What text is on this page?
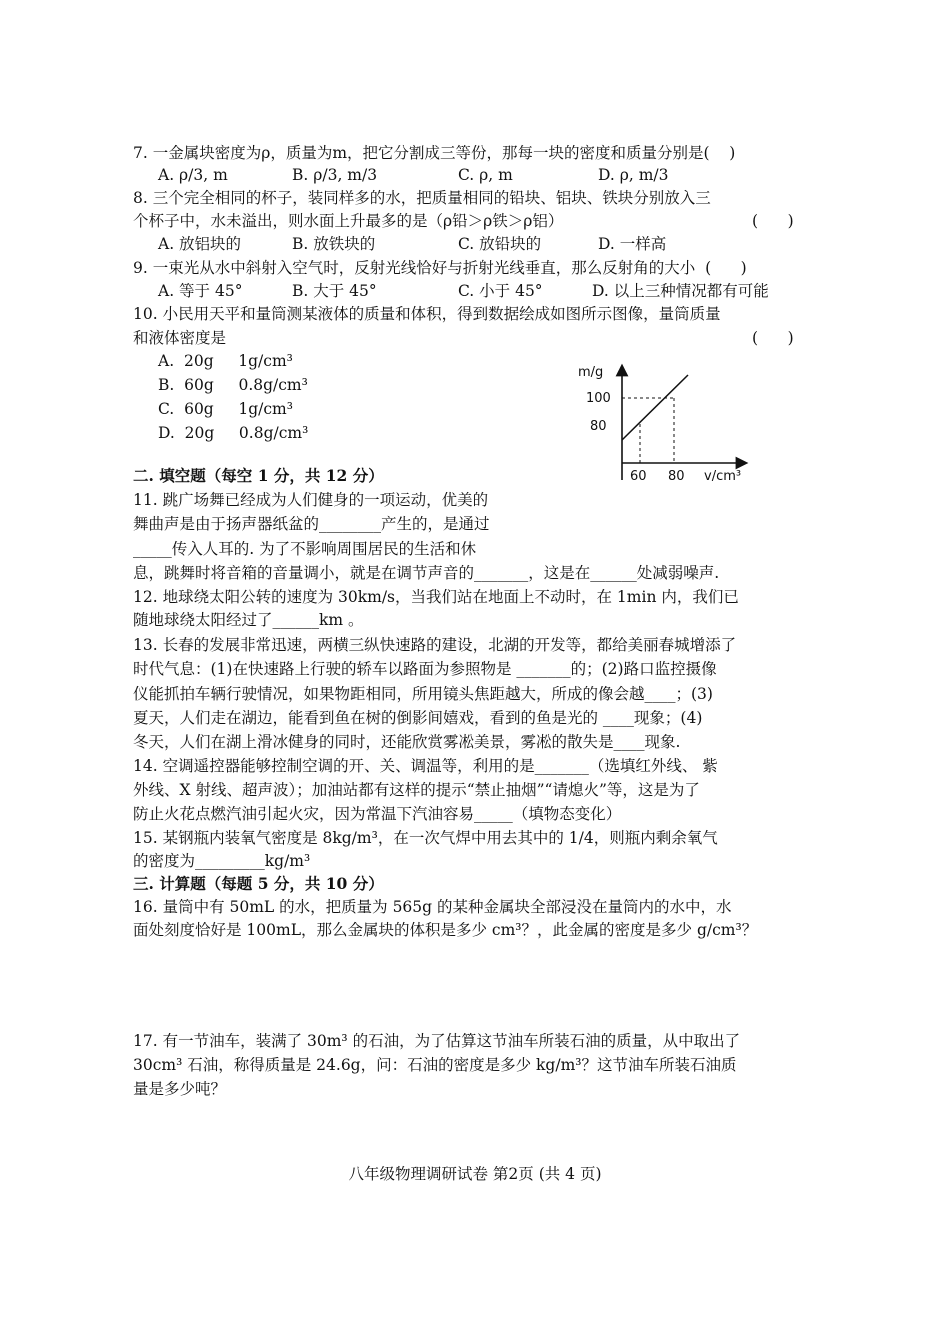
7. 一金属块密度为ρ，质量为m，把它分割成三等份，那每一块的密度和质量分别是(    )
A. ρ/3, m	B. ρ/3, m/3	C. ρ, m	D. ρ, m/3
8. 三个完全相同的杯子，装同样多的水，把质量相同的铅块、铝块、铁块分别放入三
个杯子中，水未溢出，则水面上升最多的是（ρ铅＞ρ铁＞ρ铝）	(      )
A. 放铝块的	B. 放铁块的	C. 放铅块的	D. 一样高
9. 一束光从水中斜射入空气时，反射光线恰好与折射光线垂直，那么反射角的大小  (      )
A. 等于 45°	B. 大于 45°	C. 小于 45°	D. 以上三种情况都有可能
10. 小民用天平和量筒测某液体的质量和体积，得到数据绘成如图所示图像，量筒质量
和液体密度是	(      )
A.  20g     1g/cm³
B.  60g     0.8g/cm³
C.  60g     1g/cm³
D.  20g     0.8g/cm³
m/g
100
80
60 80 v/cm³
二. 填空题（每空 1 分，共 12 分）
11. 跳广场舞已经成为人们健身的一项运动，优美的
舞曲声是由于扬声器纸盆的________产生的，是通过
_____传入人耳的. 为了不影响周围居民的生活和休
息，跳舞时将音箱的音量调小，就是在调节声音的_______，这是在______处减弱噪声.
12. 地球绕太阳公转的速度为 30km/s，当我们站在地面上不动时，在 1min 内，我们已
随地球绕太阳经过了______km 。
13. 长春的发展非常迅速，两横三纵快速路的建设，北湖的开发等，都给美丽春城增添了
时代气息：(1)在快速路上行驶的轿车以路面为参照物是 _______的；(2)路口监控摄像
仪能抓拍车辆行驶情况，如果物距相同，所用镜头焦距越大，所成的像会越____；(3)
夏天，人们走在湖边，能看到鱼在树的倒影间嬉戏，看到的鱼是光的 ____现象；(4)
冬天，人们在湖上滑冰健身的同时，还能欣赏雾凇美景，雾凇的散失是____现象.
14. 空调遥控器能够控制空调的开、关、调温等，利用的是_______（选填红外线、 紫
外线、X 射线、超声波）；加油站都有这样的提示“禁止抽烟”“请熄火”等，这是为了
防止火花点燃汽油引起火灾，因为常温下汽油容易_____（填物态变化）
15. 某钢瓶内装氧气密度是 8kg/m³，在一次气焊中用去其中的 1/4，则瓶内剩余氧气
的密度为_________kg/m³
三. 计算题（每题 5 分，共 10 分）
16. 量筒中有 50mL 的水，把质量为 565g 的某种金属块全部浸没在量筒内的水中，水
面处刻度恰好是 100mL，那么金属块的体积是多少 cm³？，此金属的密度是多少 g/cm³？
17. 有一节油车，装满了 30m³ 的石油，为了估算这节油车所装石油的质量，从中取出了
30cm³ 石油，称得质量是 24.6g，问：石油的密度是多少 kg/m³？这节油车所装石油质
量是多少吨？
八年级物理调研试卷 第2页 (共 4 页)
